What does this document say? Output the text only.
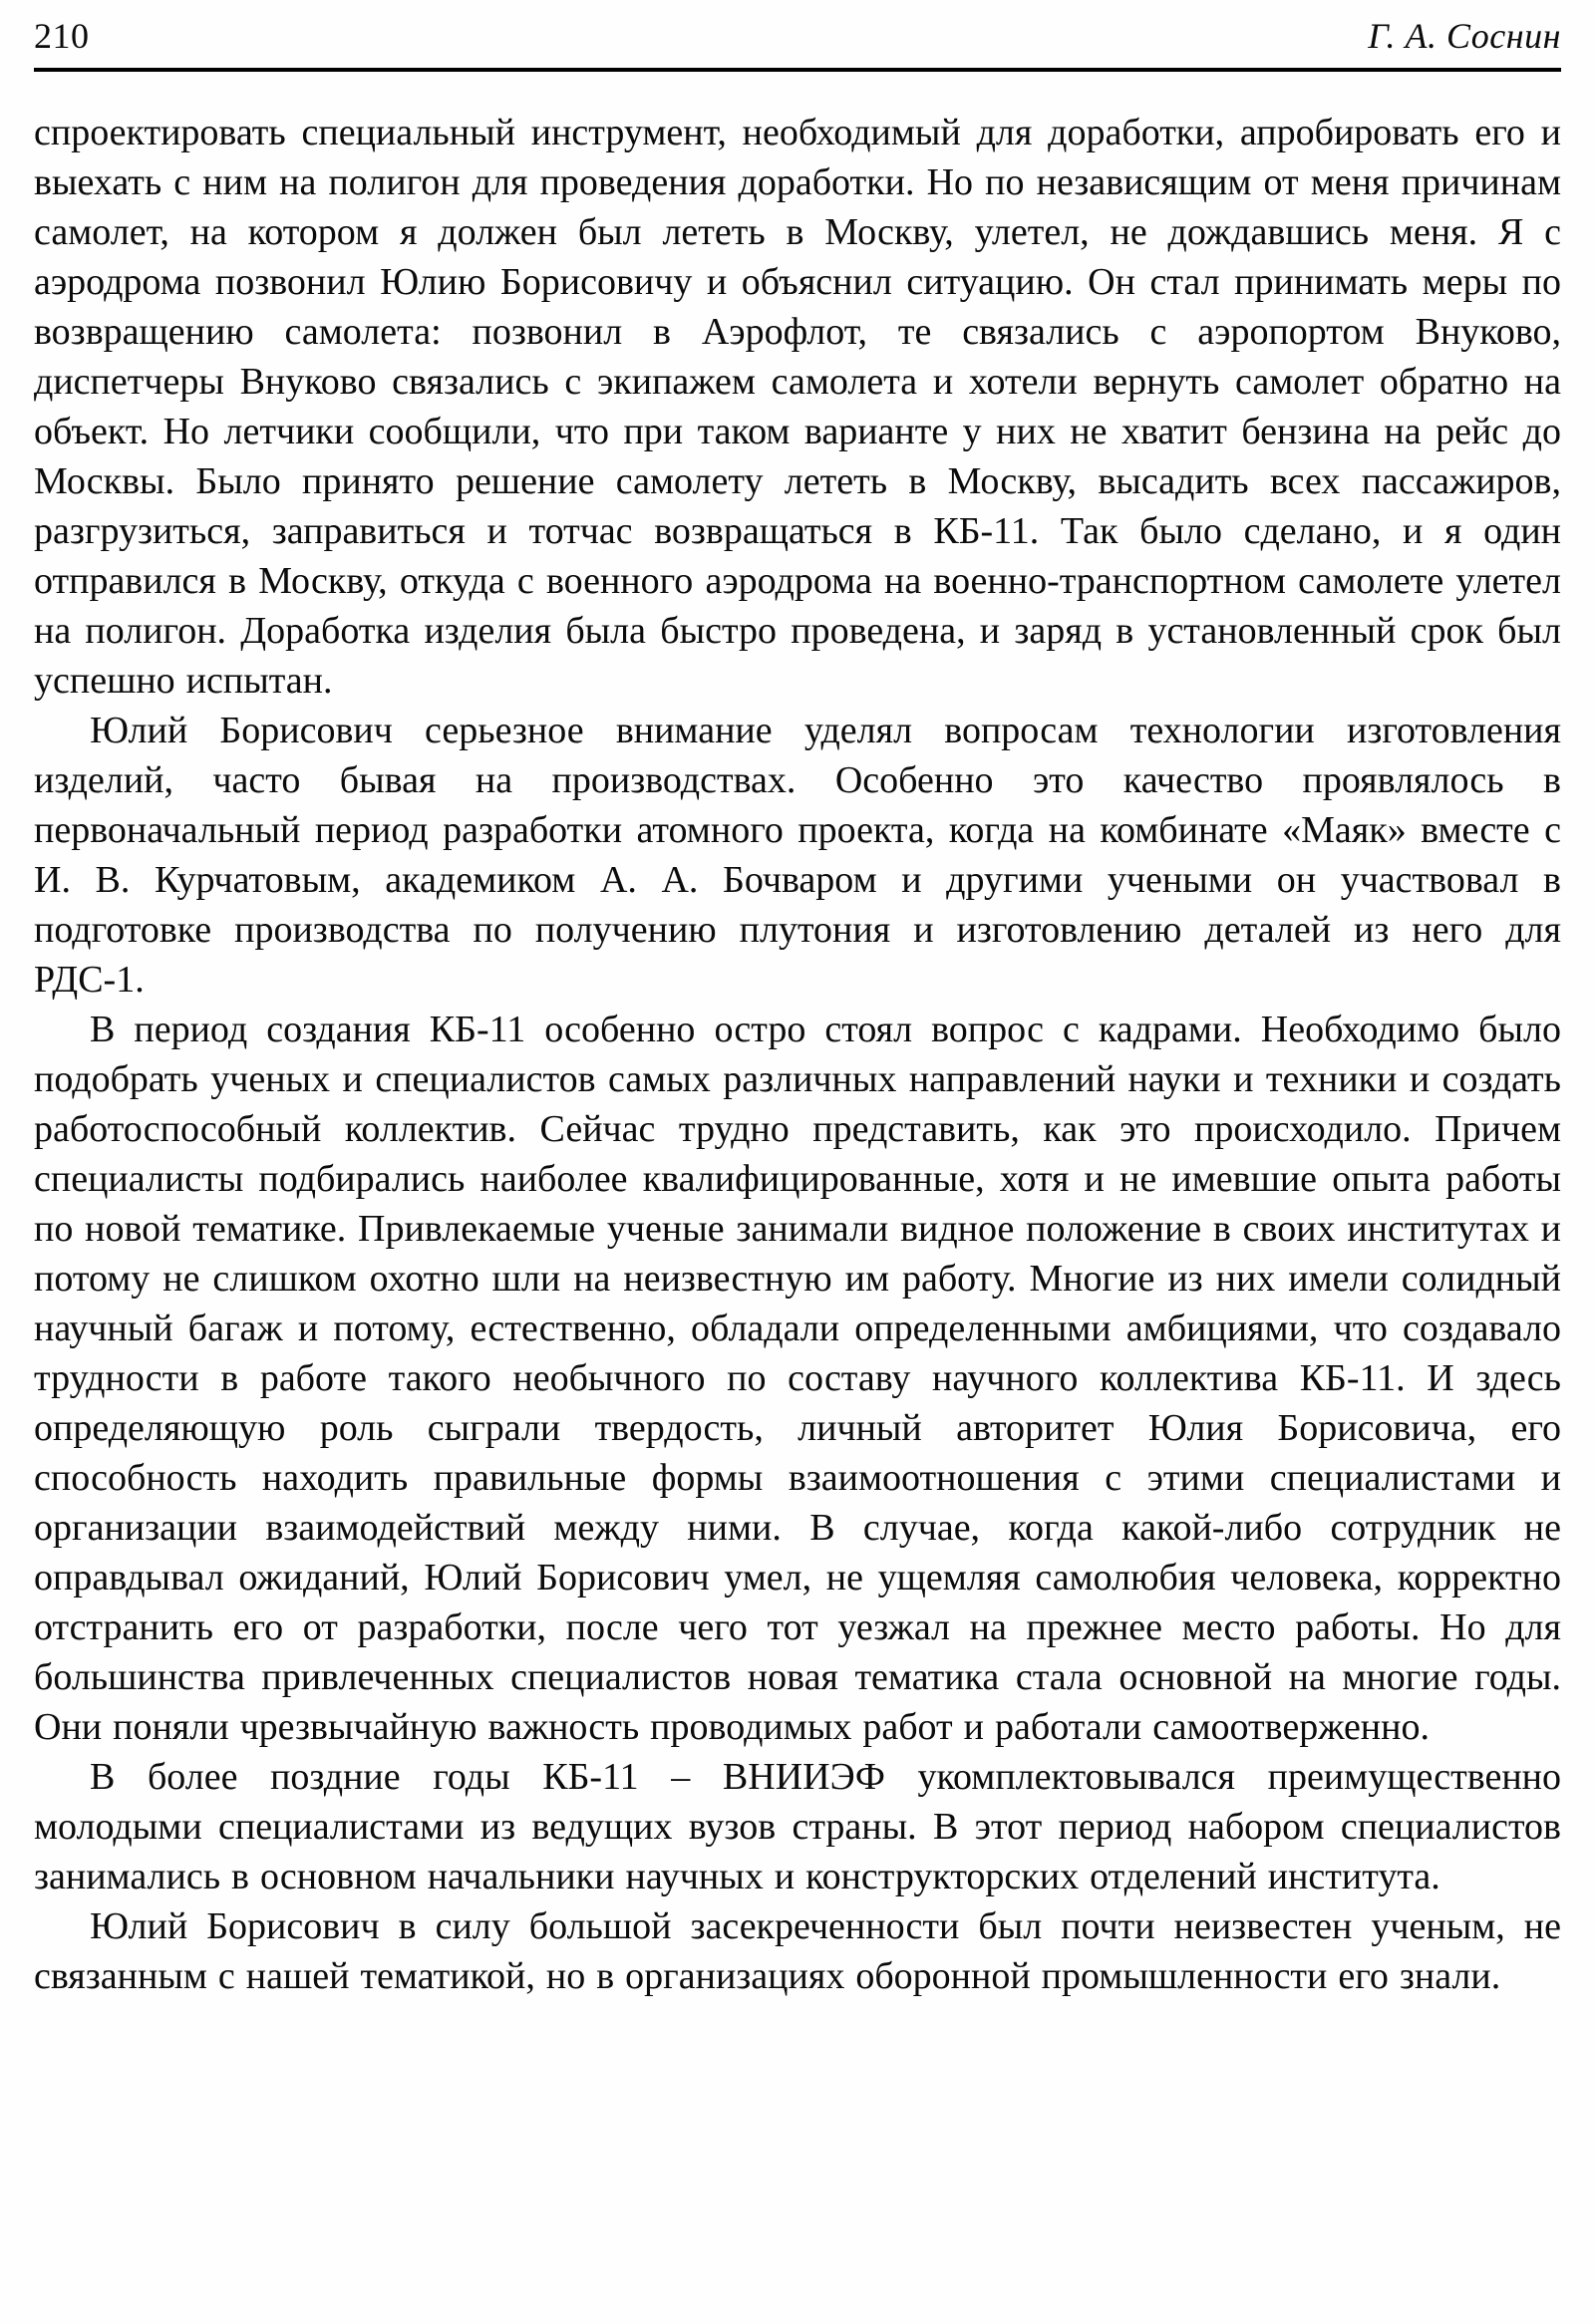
210	Г. А. Соснин

спроектировать специальный инструмент, необходимый для доработки, апробировать его и выехать с ним на полигон для проведения доработки. Но по независящим от меня причинам самолет, на котором я должен был лететь в Москву, улетел, не дождавшись меня. Я с аэродрома позвонил Юлию Борисовичу и объяснил ситуацию. Он стал принимать меры по возвращению самолета: позвонил в Аэрофлот, те связались с аэропортом Внуково, диспетчеры Внуково связались с экипажем самолета и хотели вернуть самолет обратно на объект. Но летчики сообщили, что при таком варианте у них не хватит бензина на рейс до Москвы. Было принято решение самолету лететь в Москву, высадить всех пассажиров, разгрузиться, заправиться и тотчас возвращаться в КБ-11. Так было сделано, и я один отправился в Москву, откуда с военного аэродрома на военно-транспортном самолете улетел на полигон. Доработка изделия была быстро проведена, и заряд в установленный срок был успешно испытан.

Юлий Борисович серьезное внимание уделял вопросам технологии изготовления изделий, часто бывая на производствах. Особенно это качество проявлялось в первоначальный период разработки атомного проекта, когда на комбинате «Маяк» вместе с И. В. Курчатовым, академиком А. А. Бочваром и другими учеными он участвовал в подготовке производства по получению плутония и изготовлению деталей из него для РДС-1.

В период создания КБ-11 особенно остро стоял вопрос с кадрами. Необходимо было подобрать ученых и специалистов самых различных направлений науки и техники и создать работоспособный коллектив. Сейчас трудно представить, как это происходило. Причем специалисты подбирались наиболее квалифицированные, хотя и не имевшие опыта работы по новой тематике. Привлекаемые ученые занимали видное положение в своих институтах и потому не слишком охотно шли на неизвестную им работу. Многие из них имели солидный научный багаж и потому, естественно, обладали определенными амбициями, что создавало трудности в работе такого необычного по составу научного коллектива КБ-11. И здесь определяющую роль сыграли твердость, личный авторитет Юлия Борисовича, его способность находить правильные формы взаимоотношения с этими специалистами и организации взаимодействий между ними. В случае, когда какой-либо сотрудник не оправдывал ожиданий, Юлий Борисович умел, не ущемляя самолюбия человека, корректно отстранить его от разработки, после чего тот уезжал на прежнее место работы. Но для большинства привлеченных специалистов новая тематика стала основной на многие годы. Они поняли чрезвычайную важность проводимых работ и работали самоотверженно.

В более поздние годы КБ-11 – ВНИИЭФ укомплектовывался преимущественно молодыми специалистами из ведущих вузов страны. В этот период набором специалистов занимались в основном начальники научных и конструкторских отделений института.

Юлий Борисович в силу большой засекреченности был почти неизвестен ученым, не связанным с нашей тематикой, но в организациях оборонной промышленности его знали.
